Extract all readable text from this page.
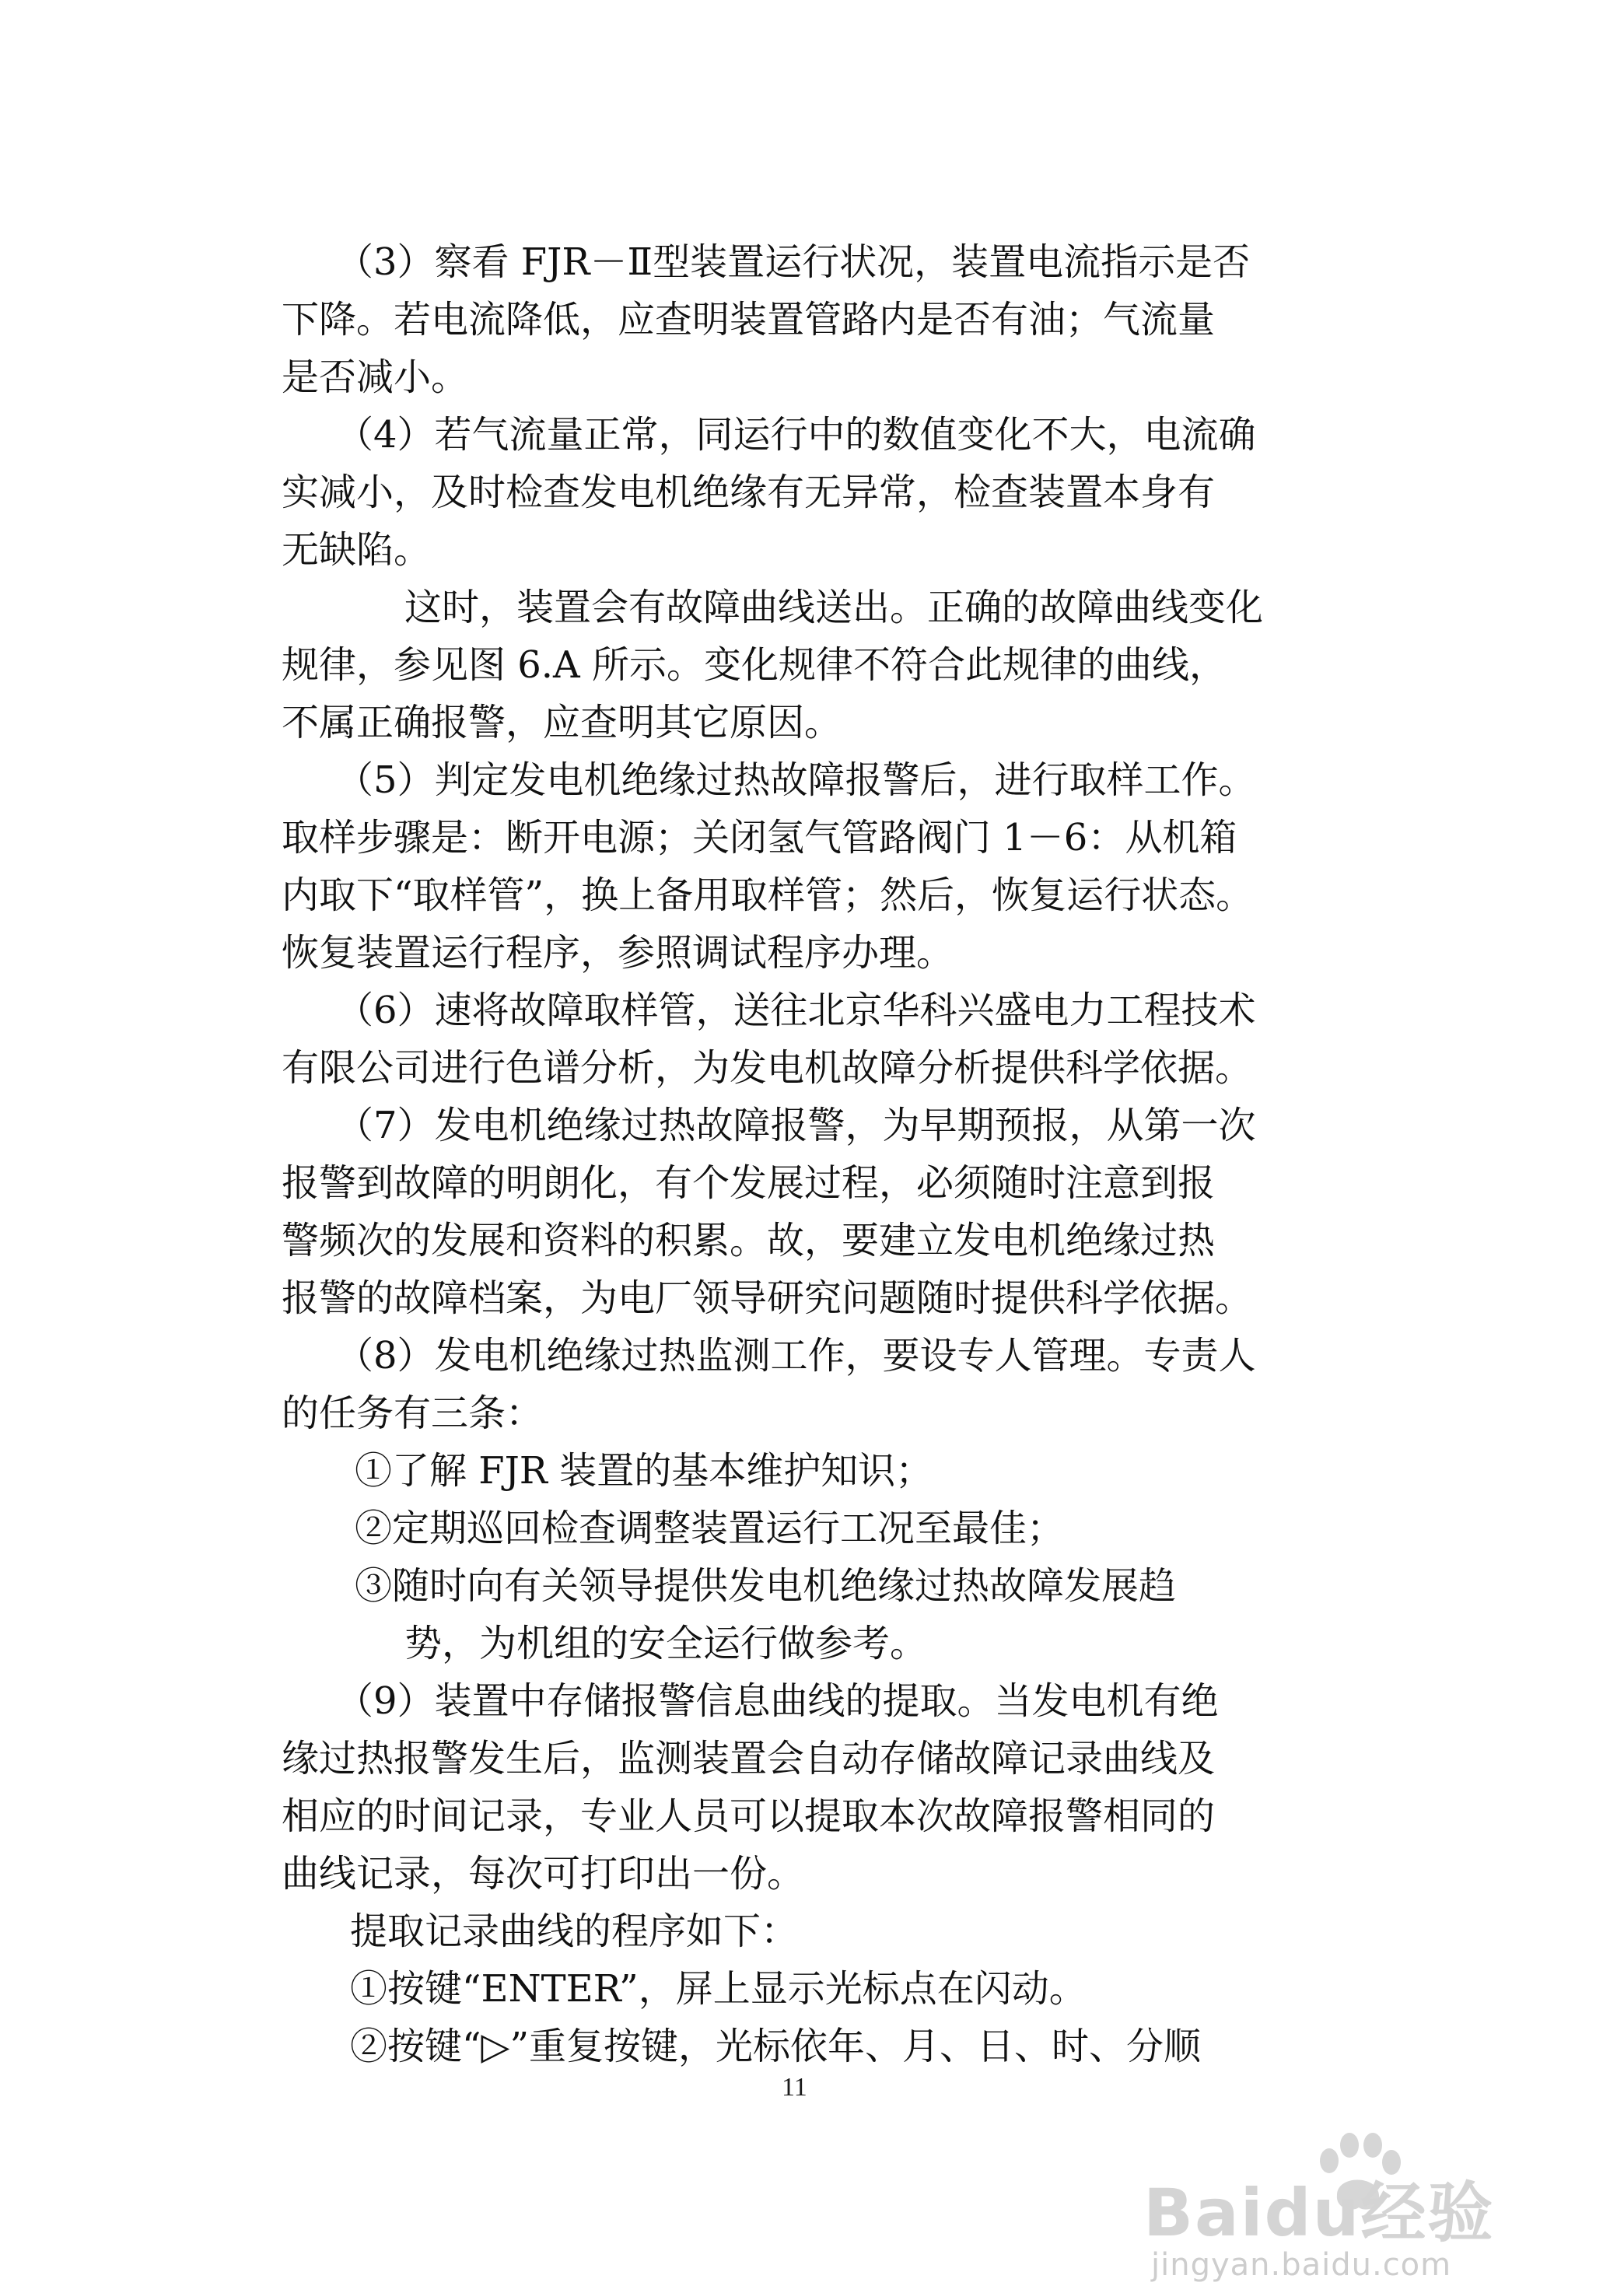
（3）察看 FJR－Ⅱ型装置运行状况，装置电流指示是否
下降。若电流降低，应查明装置管路内是否有油；气流量
是否减小。
（4）若气流量正常，同运行中的数值变化不大，电流确
实减小，及时检查发电机绝缘有无异常，检查装置本身有
无缺陷。
这时，装置会有故障曲线送出。正确的故障曲线变化
规律，参见图 6.A 所示。变化规律不符合此规律的曲线，
不属正确报警，应查明其它原因。
（5）判定发电机绝缘过热故障报警后，进行取样工作。
取样步骤是：断开电源；关闭氢气管路阀门 1－6：从机箱
内取下“取样管”，换上备用取样管；然后，恢复运行状态。
恢复装置运行程序，参照调试程序办理。
（6）速将故障取样管，送往北京华科兴盛电力工程技术
有限公司进行色谱分析，为发电机故障分析提供科学依据。
（7）发电机绝缘过热故障报警，为早期预报，从第一次
报警到故障的明朗化，有个发展过程，必须随时注意到报
警频次的发展和资料的积累。故，要建立发电机绝缘过热
报警的故障档案，为电厂领导研究问题随时提供科学依据。
（8）发电机绝缘过热监测工作，要设专人管理。专责人
的任务有三条：
①了解 FJR 装置的基本维护知识；
②定期巡回检查调整装置运行工况至最佳；
③随时向有关领导提供发电机绝缘过热故障发展趋
势，为机组的安全运行做参考。
（9）装置中存储报警信息曲线的提取。当发电机有绝
缘过热报警发生后，监测装置会自动存储故障记录曲线及
相应的时间记录，专业人员可以提取本次故障报警相同的
曲线记录，每次可打印出一份。
提取记录曲线的程序如下：
①按键“ENTER”，屏上显示光标点在闪动。
②按键“▷”重复按键，光标依年、月、日、时、分顺
11
Baidu经验
jingyan.baidu.com
